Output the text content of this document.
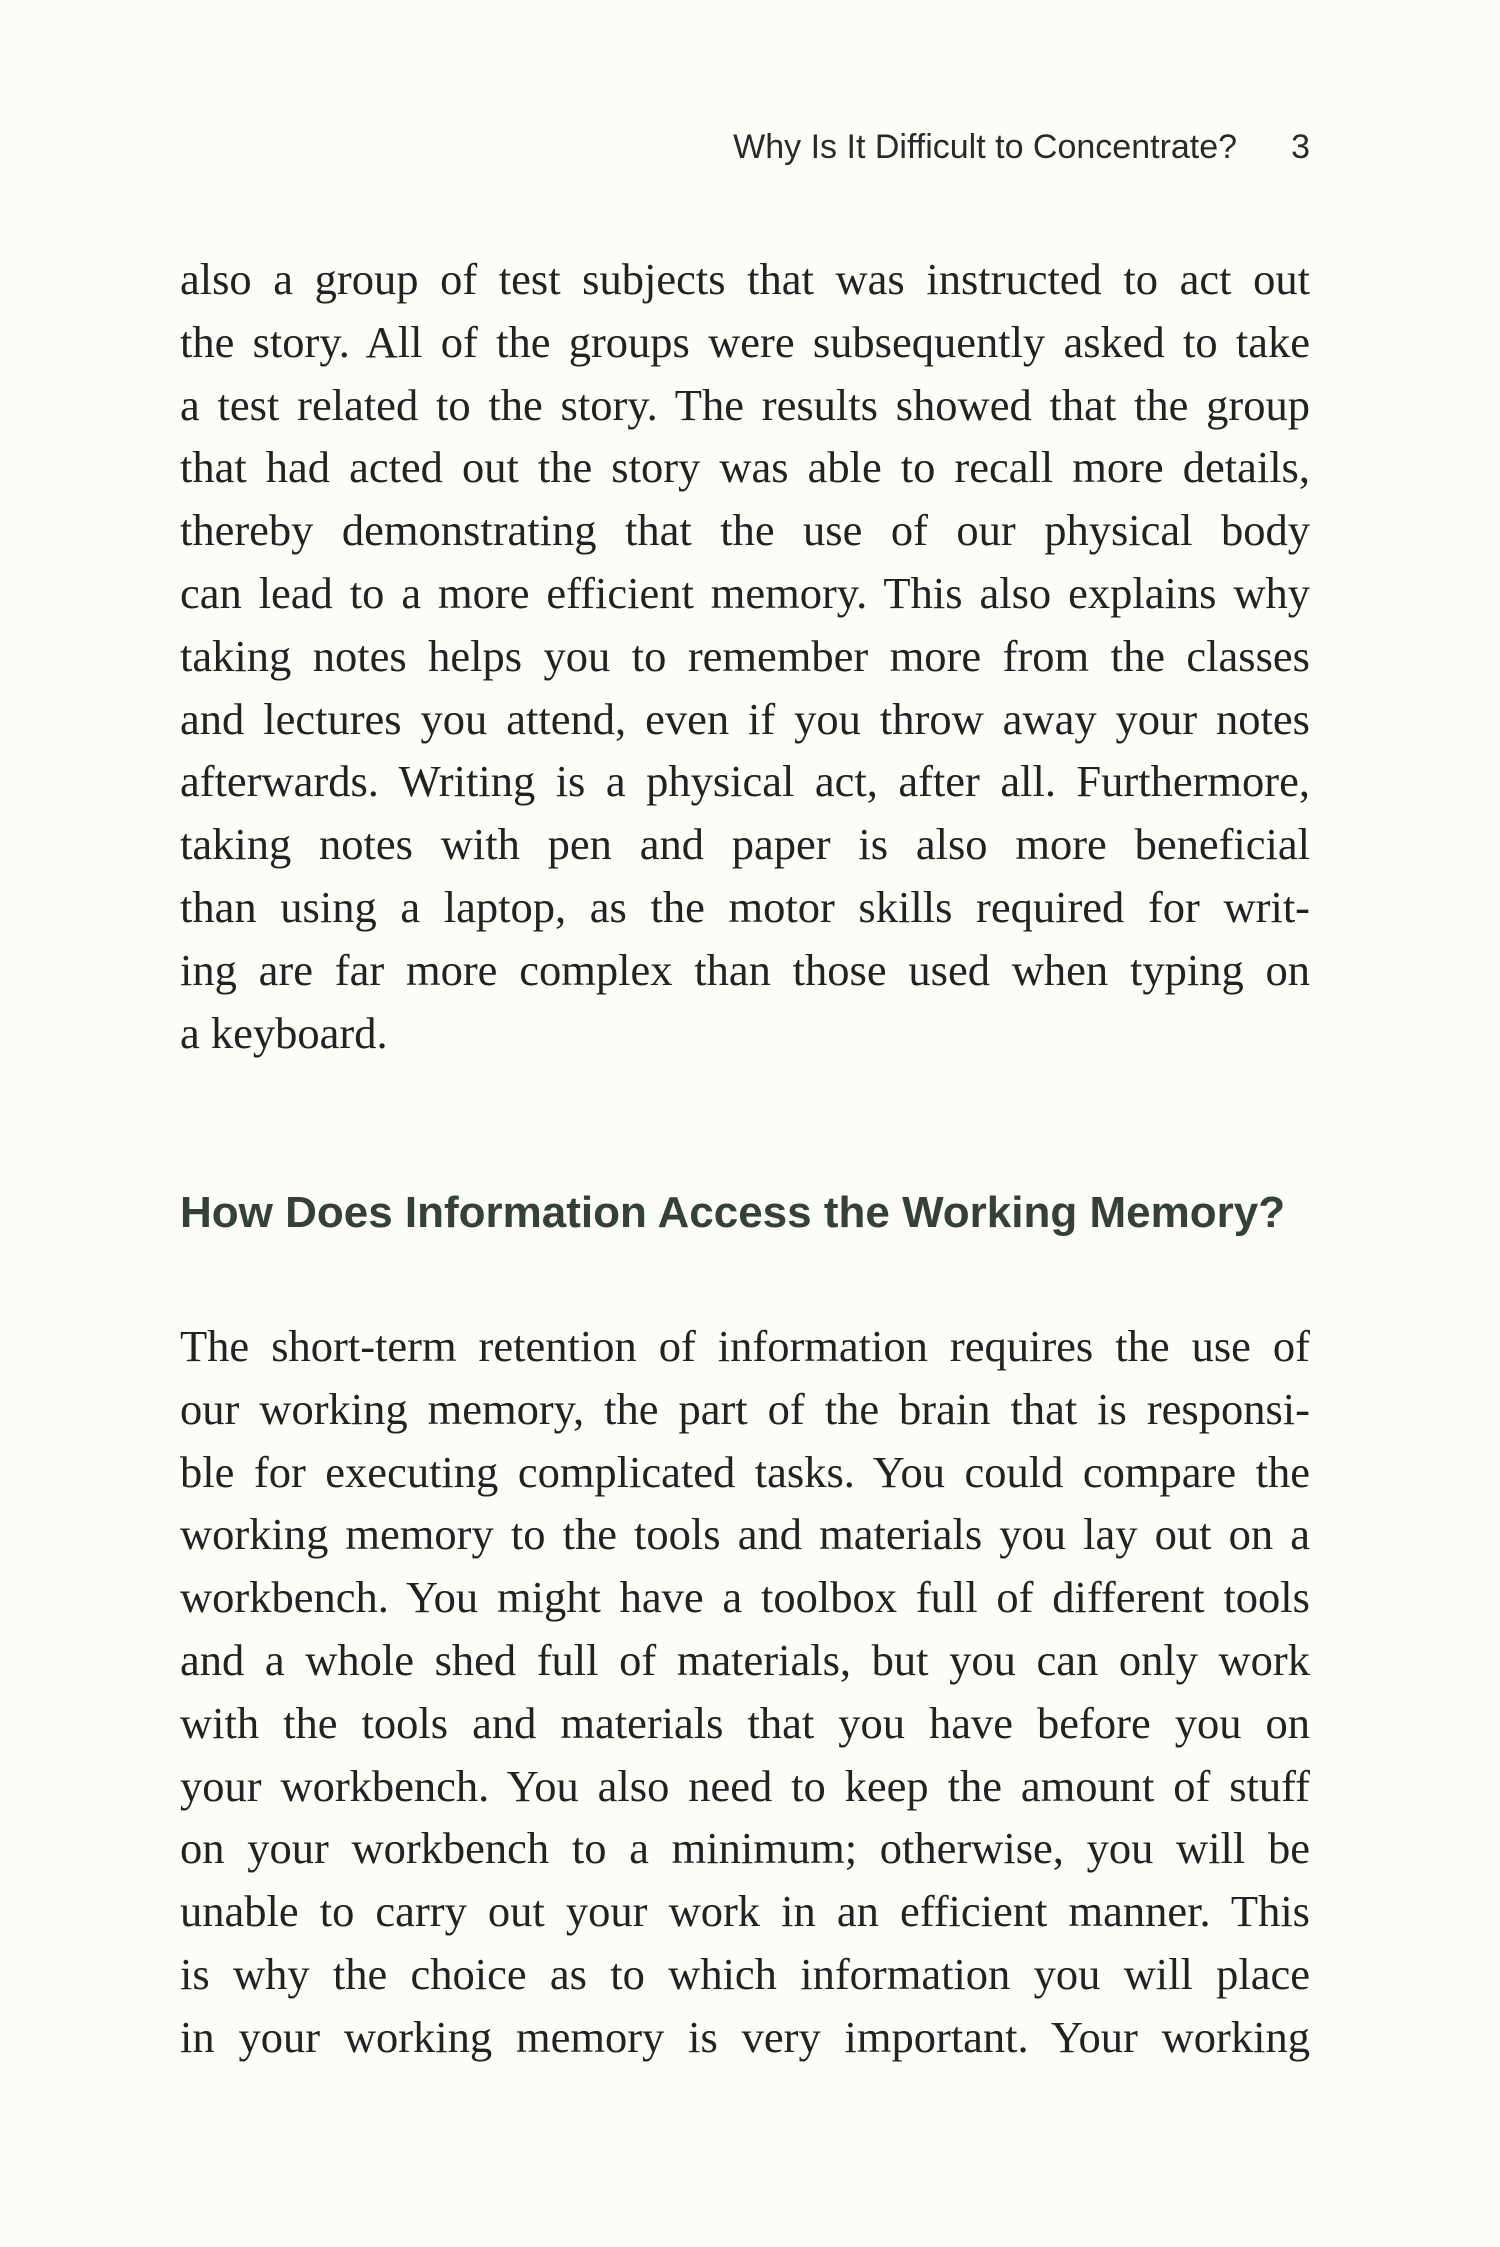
Why Is It Difficult to Concentrate? 3
also a group of test subjects that was instructed to act out
the story. All of the groups were subsequently asked to take
a test related to the story. The results showed that the group
that had acted out the story was able to recall more details,
thereby demonstrating that the use of our physical body
can lead to a more efficient memory. This also explains why
taking notes helps you to remember more from the classes
and lectures you attend, even if you throw away your notes
afterwards. Writing is a physical act, after all. Furthermore,
taking notes with pen and paper is also more beneficial
than using a laptop, as the motor skills required for writ-
ing are far more complex than those used when typing on
a keyboard.
How Does Information Access the Working Memory?
The short-term retention of information requires the use of
our working memory, the part of the brain that is responsi-
ble for executing complicated tasks. You could compare the
working memory to the tools and materials you lay out on a
workbench. You might have a toolbox full of different tools
and a whole shed full of materials, but you can only work
with the tools and materials that you have before you on
your workbench. You also need to keep the amount of stuff
on your workbench to a minimum; otherwise, you will be
unable to carry out your work in an efficient manner. This
is why the choice as to which information you will place
in your working memory is very important. Your working
